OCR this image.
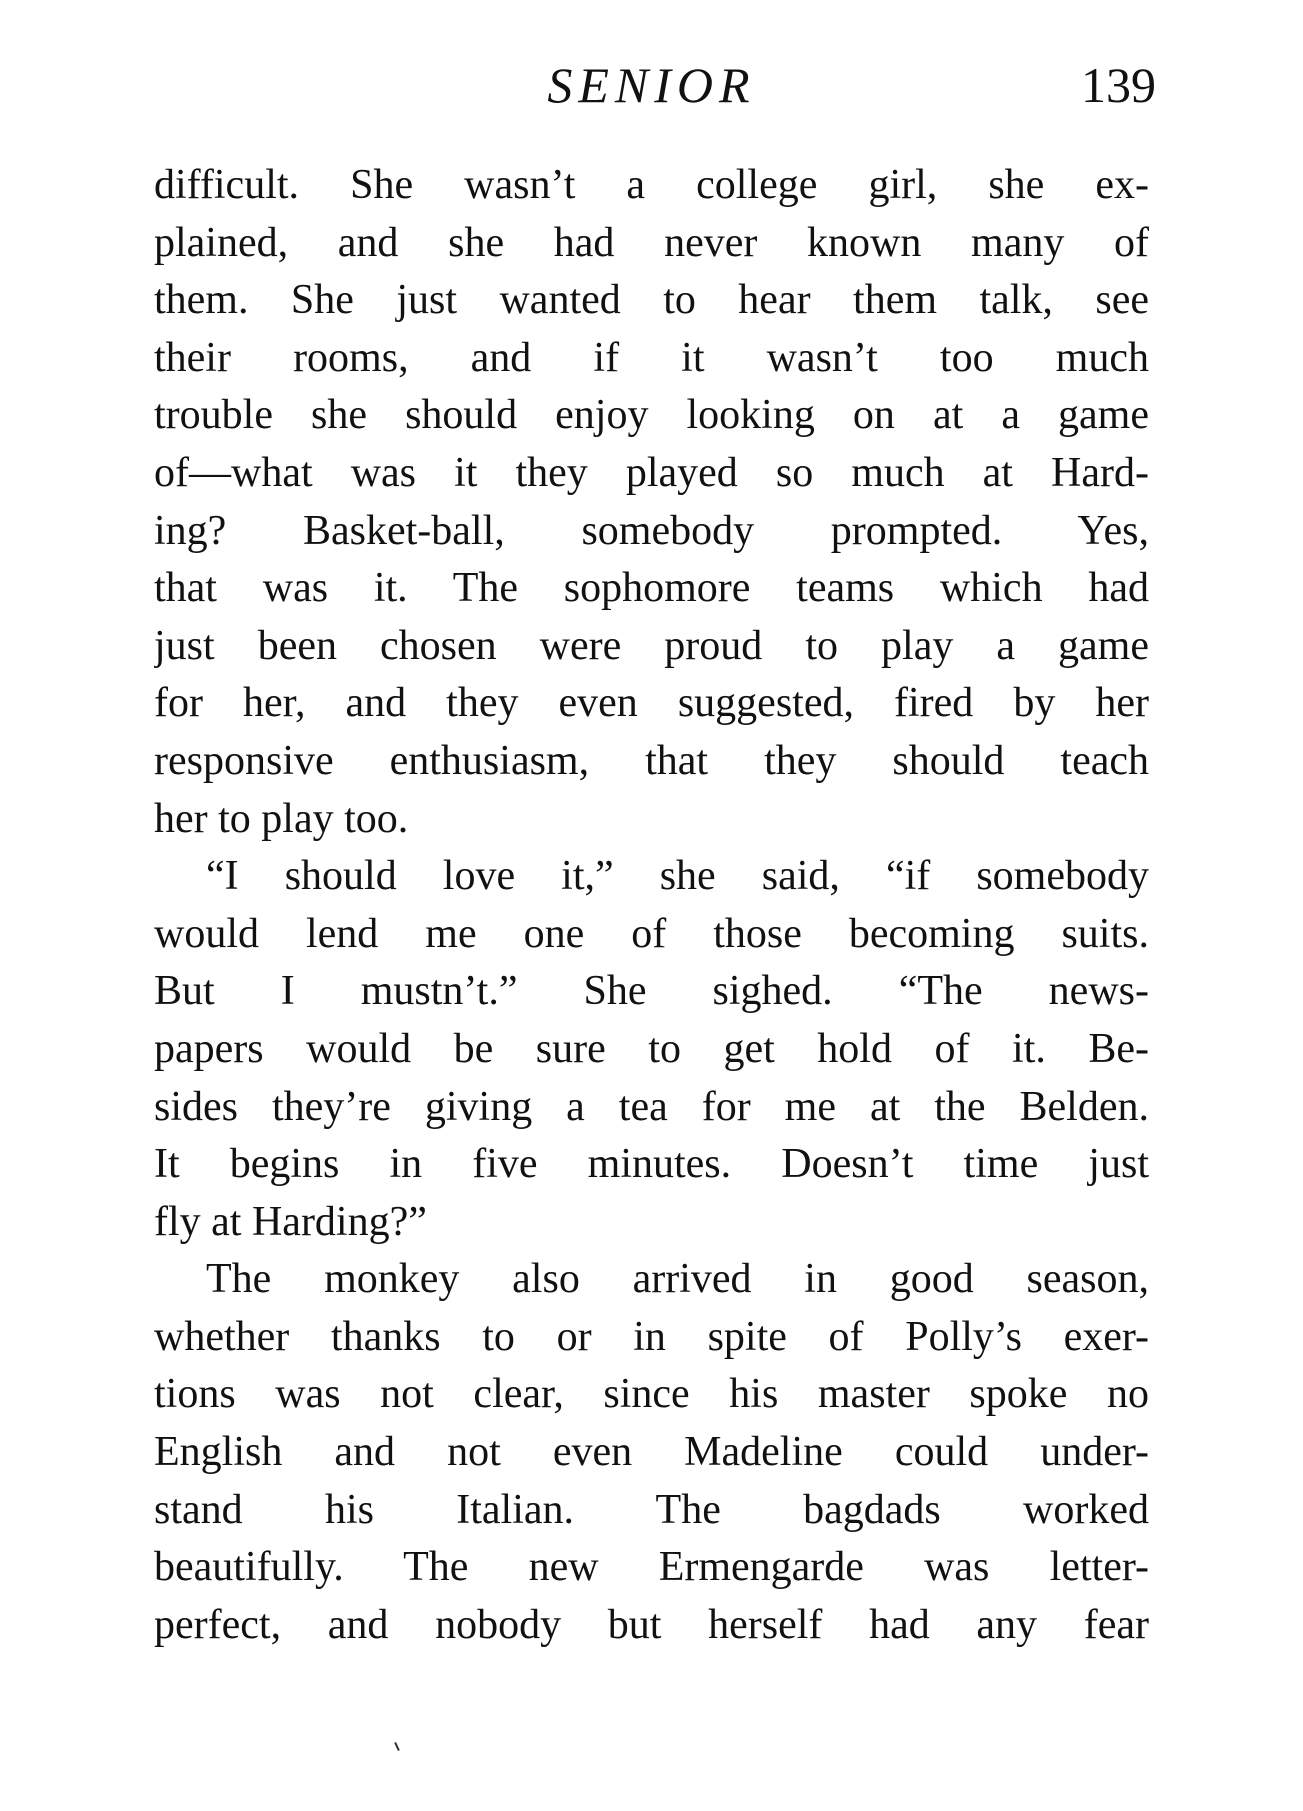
SENIOR	139
difficult. She wasn’t a college girl, she ex-
plained, and she had never known many of
them. She just wanted to hear them talk, see
their rooms, and if it wasn’t too much
trouble she should enjoy looking on at a game
of—what was it they played so much at Hard-
ing? Basket-ball, somebody prompted. Yes,
that was it. The sophomore teams which had
just been chosen were proud to play a game
for her, and they even suggested, fired by her
responsive enthusiasm, that they should teach
her to play too.
“I should love it,” she said, “if somebody
would lend me one of those becoming suits.
But I mustn’t.” She sighed. “The news-
papers would be sure to get hold of it. Be-
sides they’re giving a tea for me at the Belden.
It begins in five minutes. Doesn’t time just
fly at Harding?”
The monkey also arrived in good season,
whether thanks to or in spite of Polly’s exer-
tions was not clear, since his master spoke no
English and not even Madeline could under-
stand his Italian. The bagdads worked
beautifully. The new Ermengarde was letter-
perfect, and nobody but herself had any fear
